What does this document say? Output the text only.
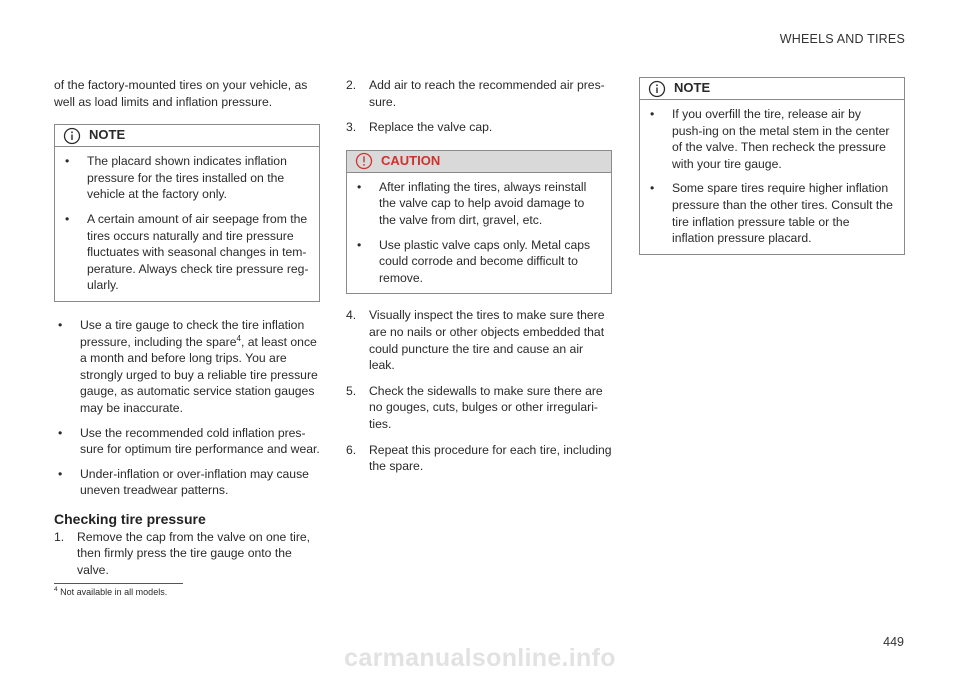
WHEELS AND TIRES

of the factory-mounted tires on your vehicle, as well as load limits and inflation pressure.

NOTE
• The placard shown indicates inflation pressure for the tires installed on the vehicle at the factory only.
• A certain amount of air seepage from the tires occurs naturally and tire pressure fluctuates with seasonal changes in tem-perature. Always check tire pressure reg-ularly.
• Use a tire gauge to check the tire inflation pressure, including the spare$^4$, at least once a month and before long trips. You are strongly urged to buy a reliable tire pressure gauge, as automatic service station gauges may be inaccurate.
• Use the recommended cold inflation pres-sure for optimum tire performance and wear.
• Under-inflation or over-inflation may cause uneven treadwear patterns.
Checking tire pressure
1. Remove the cap from the valve on one tire, then firmly press the tire gauge onto the valve.
2. Add air to reach the recommended air pres-sure.
3. Replace the valve cap.
CAUTION
• After inflating the tires, always reinstall the valve cap to help avoid damage to the valve from dirt, gravel, etc.
• Use plastic valve caps only. Metal caps could corrode and become difficult to remove.
4. Visually inspect the tires to make sure there are no nails or other objects embedded that could puncture the tire and cause an air leak.
5. Check the sidewalls to make sure there are no gouges, cuts, bulges or other irregulari-ties.
6. Repeat this procedure for each tire, including the spare.
NOTE
• If you overfill the tire, release air by push-ing on the metal stem in the center of the valve. Then recheck the pressure with your tire gauge.
• Some spare tires require higher inflation pressure than the other tires. Consult the tire inflation pressure table or the inflation pressure placard.
$^4$ Not available in all models.
449
carmanualsonline.info
